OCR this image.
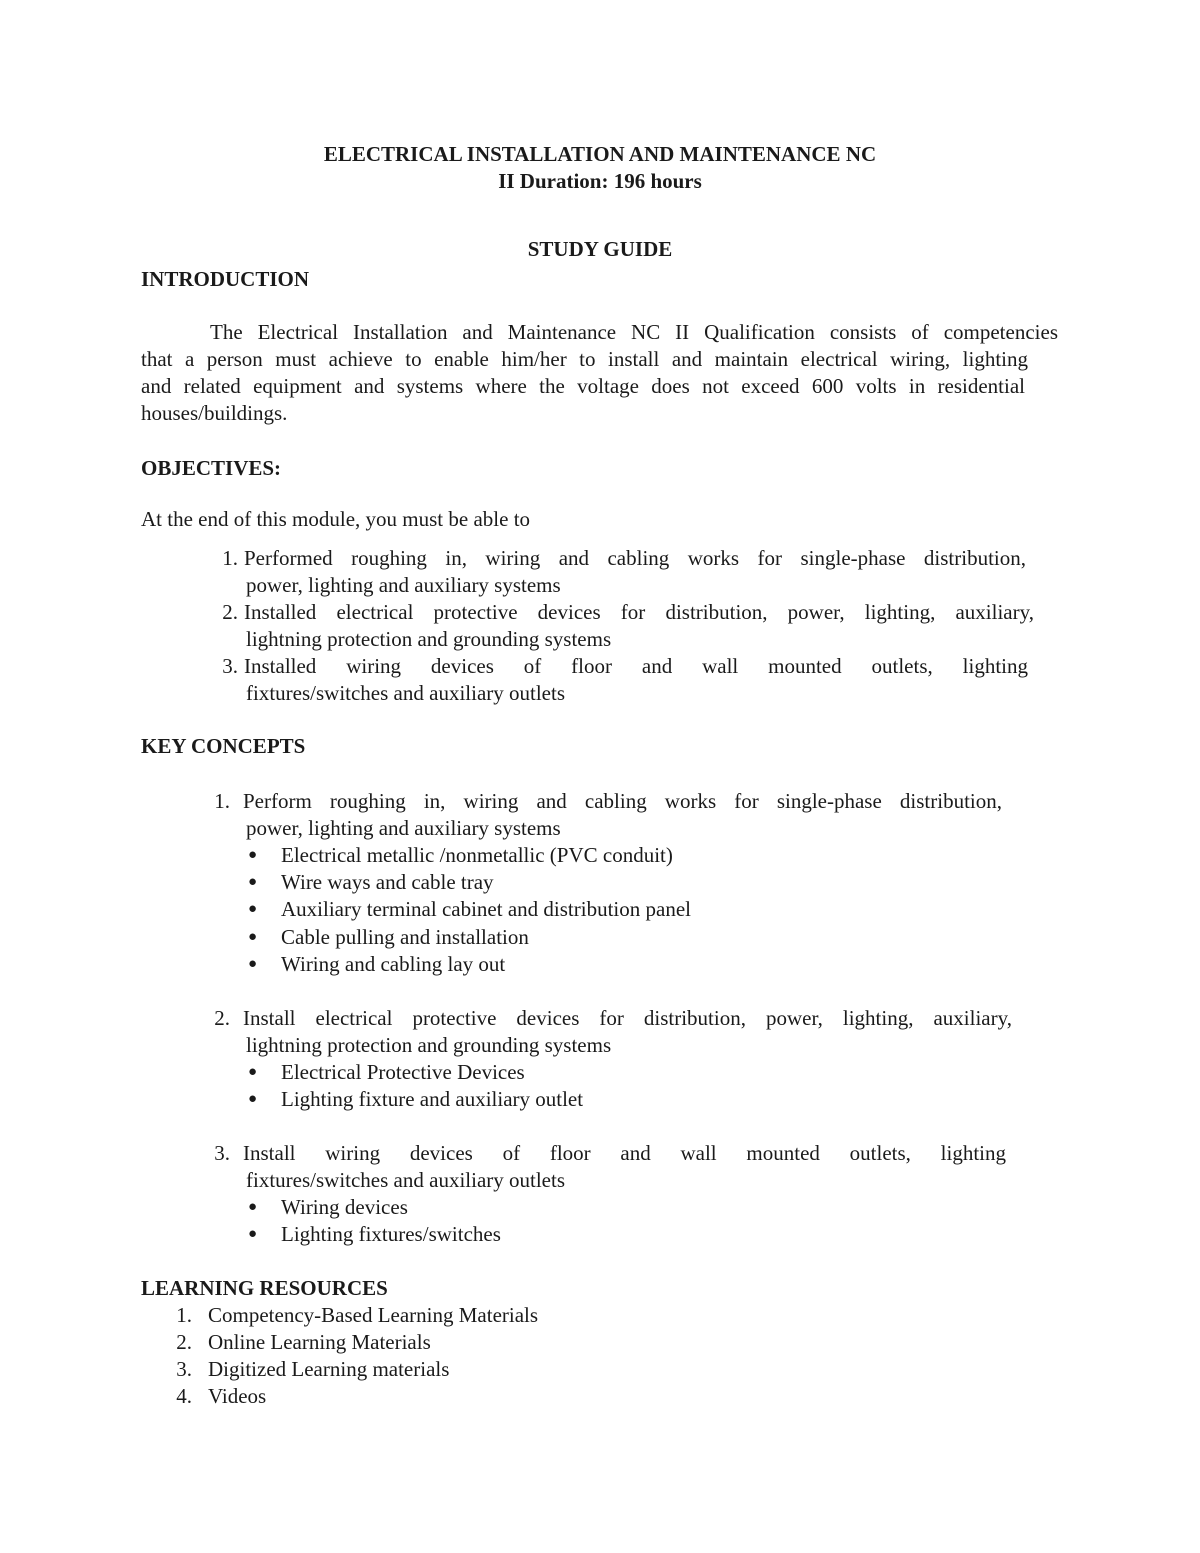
ELECTRICAL INSTALLATION AND MAINTENANCE NC
II Duration: 196 hours
STUDY GUIDE
INTRODUCTION
The Electrical Installation and Maintenance NC II Qualification consists of competencies
that a person must achieve to enable him/her to install and maintain electrical wiring, lighting
and related equipment and systems where the voltage does not exceed 600 volts in residential
houses/buildings.
OBJECTIVES:
At the end of this module, you must be able to
1. Performed roughing in, wiring and cabling works for single-phase distribution,
power, lighting and auxiliary systems
2. Installed electrical protective devices for distribution, power, lighting, auxiliary,
lightning protection and grounding systems
3. Installed wiring devices of floor and wall mounted outlets, lighting
fixtures/switches and auxiliary outlets
KEY CONCEPTS
1. Perform roughing in, wiring and cabling works for single-phase distribution,
power, lighting and auxiliary systems
● Electrical metallic /nonmetallic (PVC conduit)
● Wire ways and cable tray
● Auxiliary terminal cabinet and distribution panel
● Cable pulling and installation
● Wiring and cabling lay out
2. Install electrical protective devices for distribution, power, lighting, auxiliary,
lightning protection and grounding systems
● Electrical Protective Devices
● Lighting fixture and auxiliary outlet
3. Install wiring devices of floor and wall mounted outlets, lighting
fixtures/switches and auxiliary outlets
● Wiring devices
● Lighting fixtures/switches
LEARNING RESOURCES
1. Competency-Based Learning Materials
2. Online Learning Materials
3. Digitized Learning materials
4. Videos
